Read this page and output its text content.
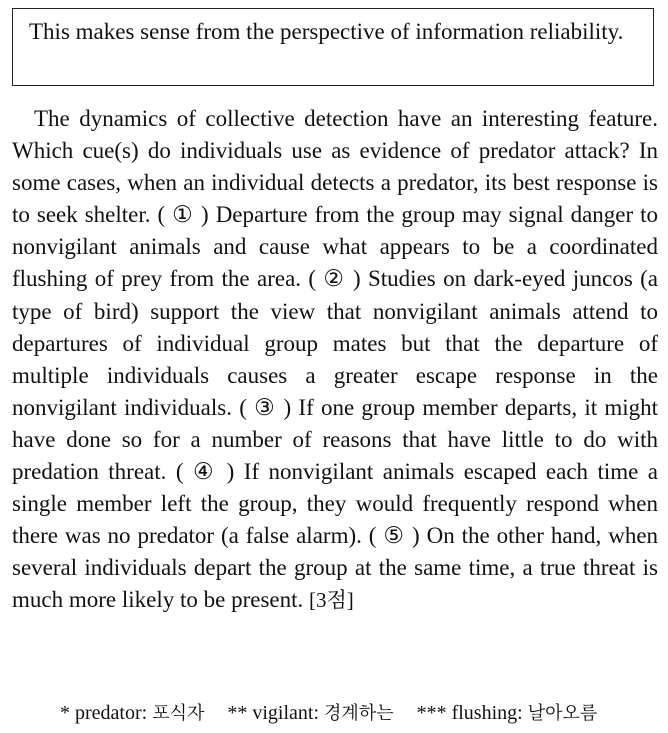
This makes sense from the perspective of information reliability.

The dynamics of collective detection have an interesting feature. Which cue(s) do individuals use as evidence of predator attack? In some cases, when an individual detects a predator, its best response is to seek shelter. ( ① ) Departure from the group may signal danger to nonvigilant animals and cause what appears to be a coordinated flushing of prey from the area. ( ② ) Studies on dark-eyed juncos (a type of bird) support the view that nonvigilant animals attend to departures of individual group mates but that the departure of multiple individuals causes a greater escape response in the nonvigilant individuals. ( ③ ) If one group member departs, it might have done so for a number of reasons that have little to do with predation threat. ( ④ ) If nonvigilant animals escaped each time a single member left the group, they would frequently respond when there was no predator (a false alarm). ( ⑤ ) On the other hand, when several individuals depart the group at the same time, a true threat is much more likely to be present. [3점]

* predator: 포식자 ** vigilant: 경계하는 *** flushing: 날아오름
